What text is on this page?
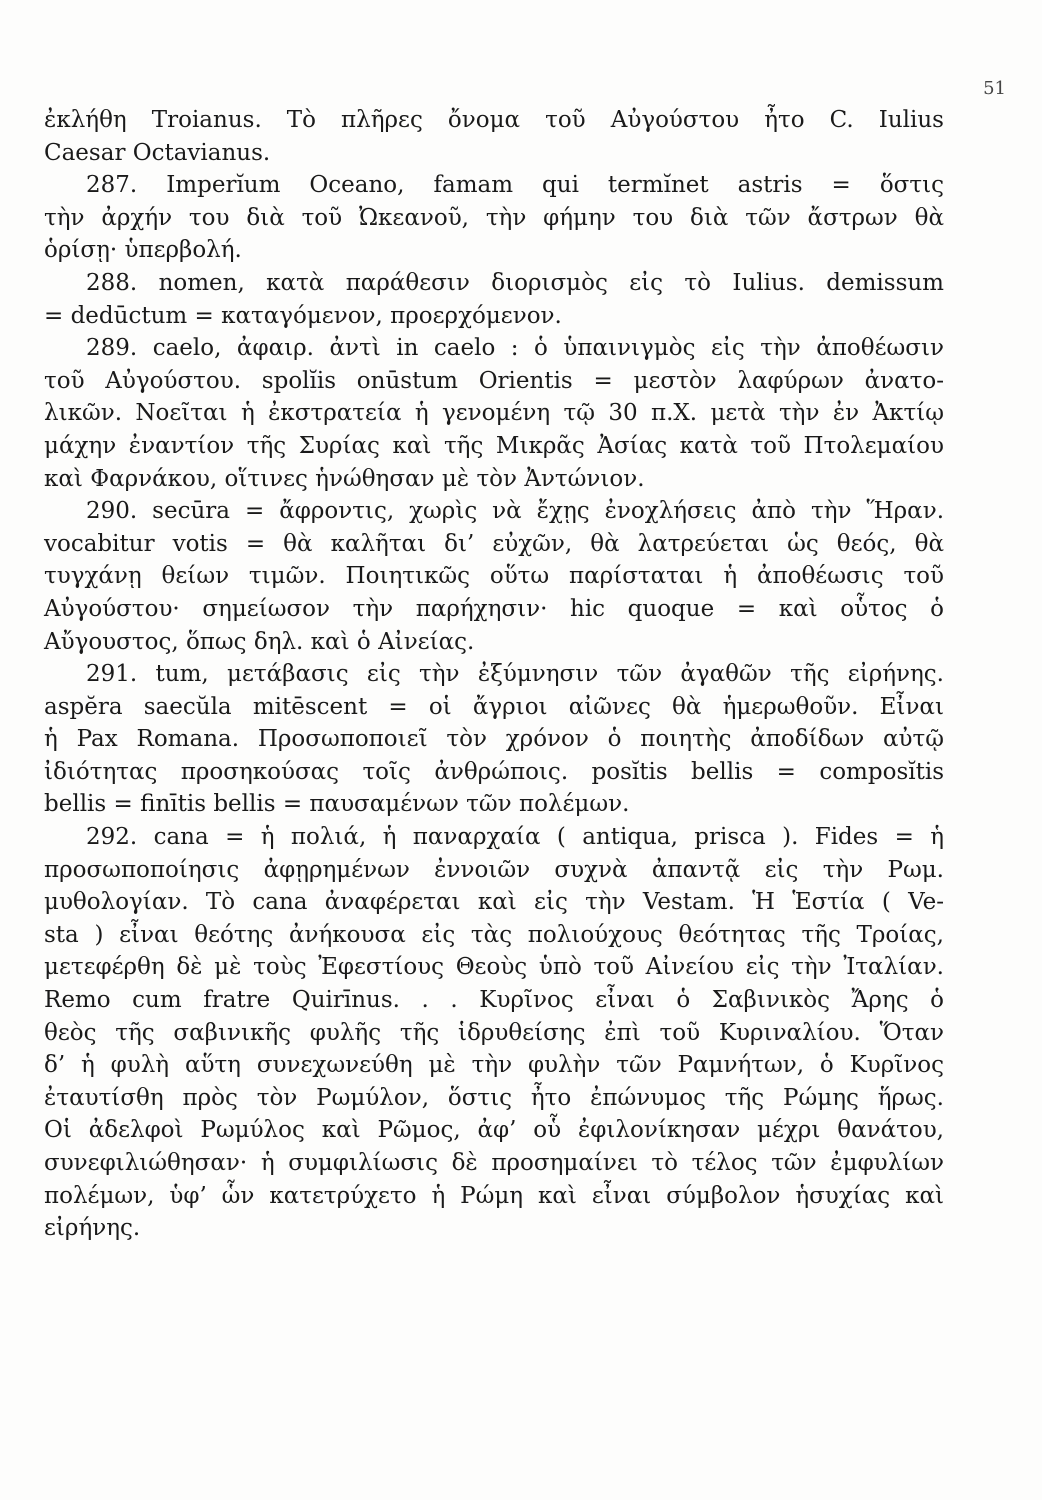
51
ἐκλήθη Troianus. Τὸ πλῆρες ὄνομα τοῦ Αὐγούστου ἦτο C. Iulius
Caesar Octavianus.
287. Imperĭum Oceano, famam qui termĭnet astris = ὅστις
τὴν ἀρχήν του διὰ τοῦ Ὠκεανοῦ, τὴν φήμην του διὰ τῶν ἄστρων θὰ
ὁρίσῃ· ὑπερβολή.
288. nomen, κατὰ παράθεσιν διορισμὸς εἰς τὸ Iulius. demissum
= dedūctum = καταγόμενον, προερχόμενον.
289. caelo, ἀφαιρ. ἀντὶ in caelo : ὁ ὑπαινιγμὸς εἰς τὴν ἀποθέωσιν
τοῦ Αὐγούστου. spolĭis onūstum Orientis = μεστὸν λαφύρων ἀνατο-
λικῶν. Νοεῖται ἡ ἐκστρατεία ἡ γενομένη τῷ 30 π.Χ. μετὰ τὴν ἐν Ἀκτίῳ
μάχην ἐναντίον τῆς Συρίας καὶ τῆς Μικρᾶς Ἀσίας κατὰ τοῦ Πτολεμαίου
καὶ Φαρνάκου, οἵτινες ἡνώθησαν μὲ τὸν Ἀντώνιον.
290. secūra = ἄφροντις, χωρὶς νὰ ἔχῃς ἐνοχλήσεις ἀπὸ τὴν Ἥραν.
vocabitur votis = θὰ καλῆται δι’ εὐχῶν, θὰ λατρεύεται ὡς θεός, θὰ
τυγχάνῃ θείων τιμῶν. Ποιητικῶς οὕτω παρίσταται ἡ ἀποθέωσις τοῦ
Αὐγούστου· σημείωσον τὴν παρήχησιν· hic quoque = καὶ οὗτος ὁ
Αὔγουστος, ὅπως δηλ. καὶ ὁ Αἰνείας.
291. tum, μετάβασις εἰς τὴν ἐξύμνησιν τῶν ἀγαθῶν τῆς εἰρήνης.
aspĕra saecŭla mitēscent = οἱ ἄγριοι αἰῶνες θὰ ἡμερωθοῦν. Εἶναι
ἡ Pax Romana. Προσωποποιεῖ τὸν χρόνον ὁ ποιητὴς ἀποδίδων αὐτῷ
ἰδιότητας προσηκούσας τοῖς ἀνθρώποις. posĭtis bellis = composĭtis
bellis = finītis bellis = παυσαμένων τῶν πολέμων.
292. cana = ἡ πολιά, ἡ παναρχαία ( antiqua, prisca ). Fides = ἡ
προσωποποίησις ἀφῃρημένων ἐννοιῶν συχνὰ ἀπαντᾷ εἰς τὴν Ρωμ.
μυθολογίαν. Τὸ cana ἀναφέρεται καὶ εἰς τὴν Vestam. Ἡ Ἑστία ( Ve-
sta ) εἶναι θεότης ἀνήκουσα εἰς τὰς πολιούχους θεότητας τῆς Τροίας,
μετεφέρθη δὲ μὲ τοὺς Ἐφεστίους Θεοὺς ὑπὸ τοῦ Αἰνείου εἰς τὴν Ἰταλίαν.
Remo cum fratre Quirīnus. . . Κυρῖνος εἶναι ὁ Σαβινικὸς Ἄρης ὁ
θεὸς τῆς σαβινικῆς φυλῆς τῆς ἱδρυθείσης ἐπὶ τοῦ Κυριναλίου. Ὅταν
δ’ ἡ φυλὴ αὕτη συνεχωνεύθη μὲ τὴν φυλὴν τῶν Ραμνήτων, ὁ Κυρῖνος
ἐταυτίσθη πρὸς τὸν Ρωμύλον, ὅστις ἦτο ἐπώνυμος τῆς Ρώμης ἥρως.
Οἱ ἀδελφοὶ Ρωμύλος καὶ Ρῶμος, ἀφ’ οὗ ἐφιλονίκησαν μέχρι θανάτου,
συνεφιλιώθησαν· ἡ συμφιλίωσις δὲ προσημαίνει τὸ τέλος τῶν ἐμφυλίων
πολέμων, ὑφ’ ὧν κατετρύχετο ἡ Ρώμη καὶ εἶναι σύμβολον ἡσυχίας καὶ
εἰρήνης.
